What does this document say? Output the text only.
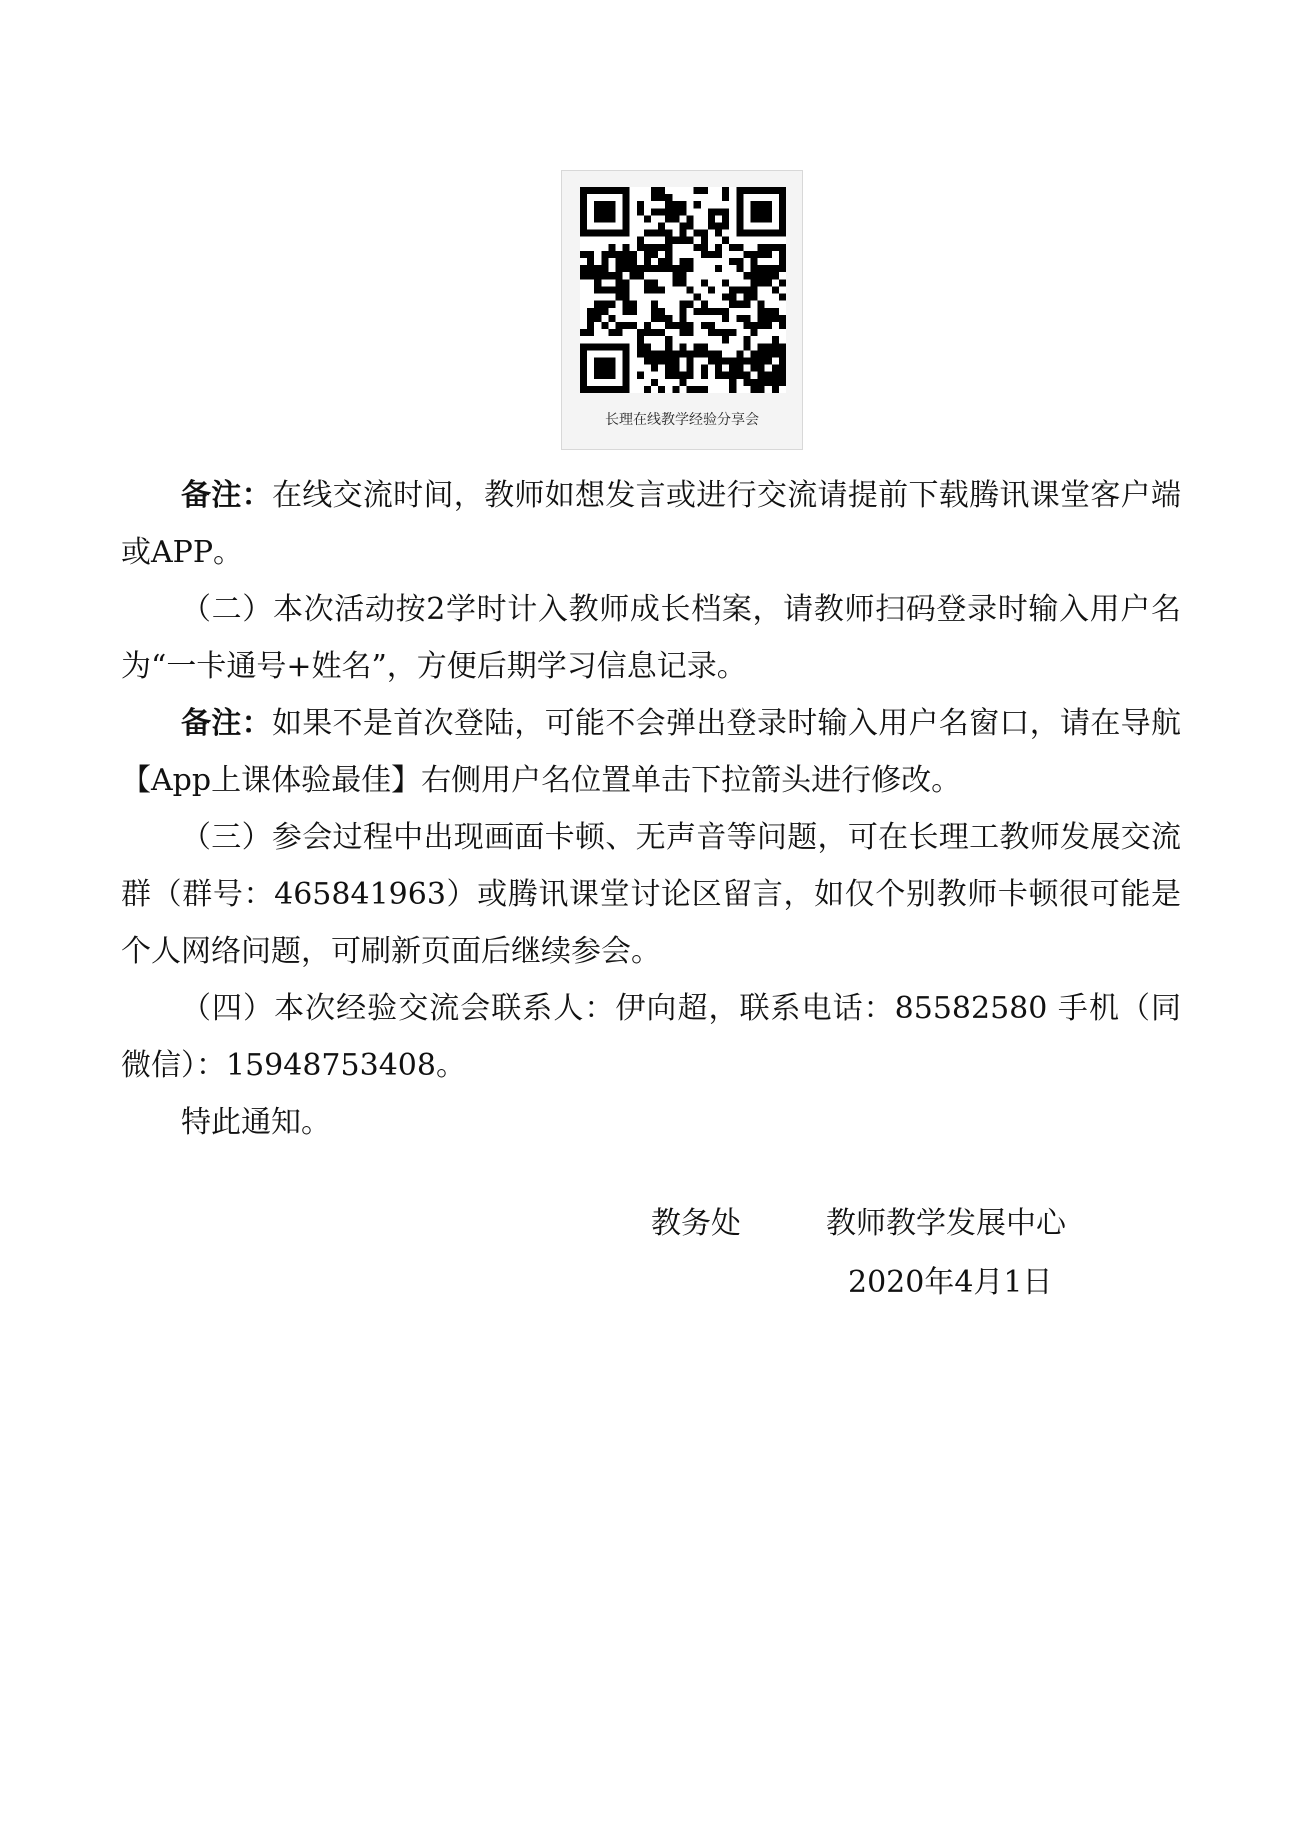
长理在线教学经验分享会

备注：在线交流时间，教师如想发言或进行交流请提前下载腾讯课堂客户端或APP。

（二）本次活动按2学时计入教师成长档案，请教师扫码登录时输入用户名为“一卡通号+姓名”，方便后期学习信息记录。

备注：如果不是首次登陆，可能不会弹出登录时输入用户名窗口，请在导航【App上课体验最佳】右侧用户名位置单击下拉箭头进行修改。

（三）参会过程中出现画面卡顿、无声音等问题，可在长理工教师发展交流群（群号：465841963）或腾讯课堂讨论区留言，如仅个别教师卡顿很可能是个人网络问题，可刷新页面后继续参会。

（四）本次经验交流会联系人：伊向超，联系电话：85582580 手机（同微信）：15948753408。

特此通知。

教务处	教师教学发展中心
2020年4月1日
